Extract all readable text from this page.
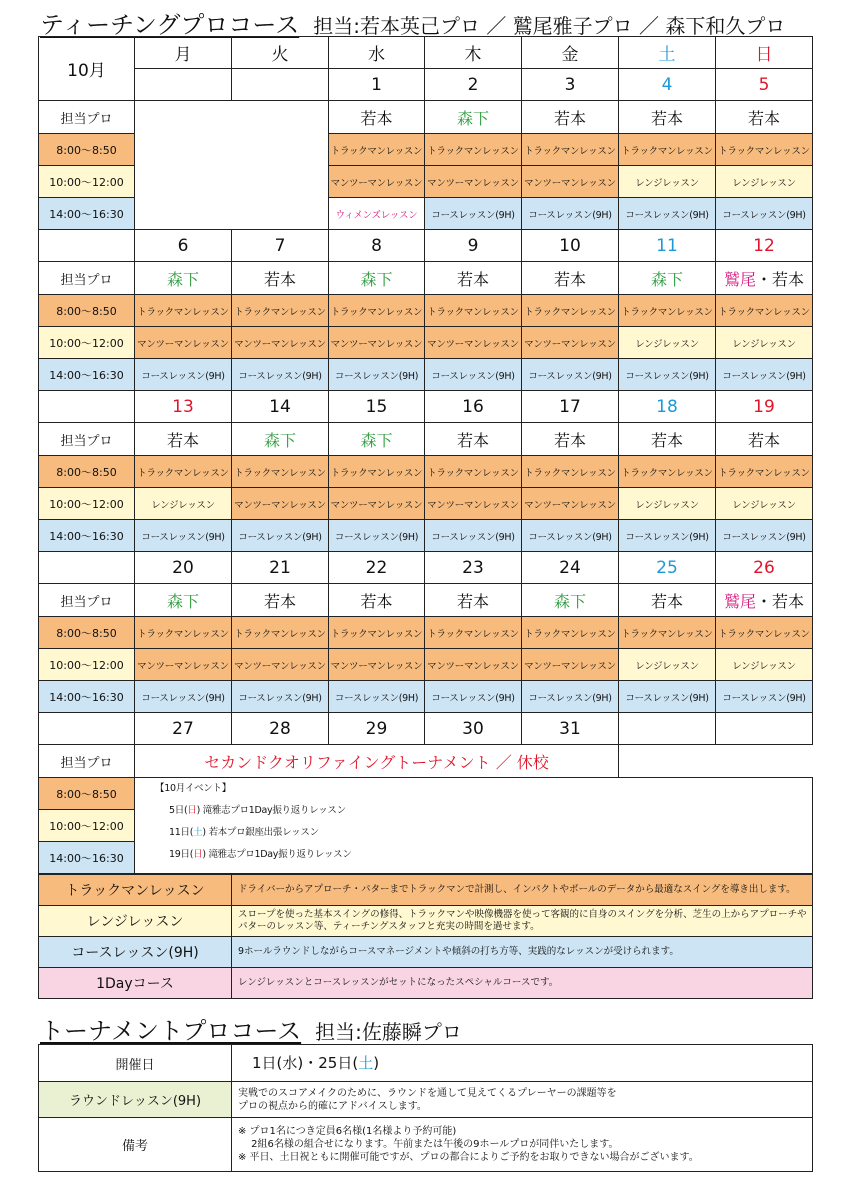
ティーチングプロコース 担当:若本英己プロ ／ 鷲尾雅子プロ ／ 森下和久プロ
10月	月	火	水	木	金	土	日
			1	2	3	4	5
担当プロ			若本	森下	若本	若本	若本
8:00～8:50			トラックマンレッスン	トラックマンレッスン	トラックマンレッスン	トラックマンレッスン	トラックマンレッスン
10:00～12:00			マンツーマンレッスン	マンツーマンレッスン	マンツーマンレッスン	レンジレッスン	レンジレッスン
14:00～16:30			ウィメンズレッスン	コースレッスン(9H)	コースレッスン(9H)	コースレッスン(9H)	コースレッスン(9H)
	6	7	8	9	10	11	12
担当プロ	森下	若本	森下	若本	若本	森下	鷲尾・若本
8:00～8:50	トラックマンレッスン	トラックマンレッスン	トラックマンレッスン	トラックマンレッスン	トラックマンレッスン	トラックマンレッスン	トラックマンレッスン
10:00～12:00	マンツーマンレッスン	マンツーマンレッスン	マンツーマンレッスン	マンツーマンレッスン	マンツーマンレッスン	レンジレッスン	レンジレッスン
14:00～16:30	コースレッスン(9H)	コースレッスン(9H)	コースレッスン(9H)	コースレッスン(9H)	コースレッスン(9H)	コースレッスン(9H)	コースレッスン(9H)
	13	14	15	16	17	18	19
担当プロ	若本	森下	森下	若本	若本	若本	若本
8:00～8:50	トラックマンレッスン	トラックマンレッスン	トラックマンレッスン	トラックマンレッスン	トラックマンレッスン	トラックマンレッスン	トラックマンレッスン
10:00～12:00	レンジレッスン	マンツーマンレッスン	マンツーマンレッスン	マンツーマンレッスン	マンツーマンレッスン	レンジレッスン	レンジレッスン
14:00～16:30	コースレッスン(9H)	コースレッスン(9H)	コースレッスン(9H)	コースレッスン(9H)	コースレッスン(9H)	コースレッスン(9H)	コースレッスン(9H)
	20	21	22	23	24	25	26
担当プロ	森下	若本	若本	若本	森下	若本	鷲尾・若本
8:00～8:50	トラックマンレッスン	トラックマンレッスン	トラックマンレッスン	トラックマンレッスン	トラックマンレッスン	トラックマンレッスン	トラックマンレッスン
10:00～12:00	マンツーマンレッスン	マンツーマンレッスン	マンツーマンレッスン	マンツーマンレッスン	マンツーマンレッスン	レンジレッスン	レンジレッスン
14:00～16:30	コースレッスン(9H)	コースレッスン(9H)	コースレッスン(9H)	コースレッスン(9H)	コースレッスン(9H)	コースレッスン(9H)	コースレッスン(9H)
	27	28	29	30	31		
担当プロ	セカンドクオリファイングトーナメント ／ 休校						
8:00～8:50	【10月イベント】
5日(日) 滝雅志プロ1Day振り返りレッスン
11日(土) 若本プロ銀座出張レッスン
19日(日) 滝雅志プロ1Day振り返りレッスン						

10:00～12:00							
14:00～16:30							
トラックマンレッスン	ドライバーからアプローチ・パターまでトラックマンで計測し、インパクトやボールのデータから最適なスイングを導き出します。
レンジレッスン	スロープを使った基本スイングの修得、トラックマンや映像機器を使って客観的に自身のスイングを分析、芝生の上からアプローチやパターのレッスン等、ティーチングスタッフと充実の時間を過せます。
コースレッスン(9H)	9ホールラウンドしながらコースマネージメントや傾斜の打ち方等、実践的なレッスンが受けられます。
1Dayコース	レンジレッスンとコースレッスンがセットになったスペシャルコースです。
トーナメントプロコース 担当:佐藤瞬プロ
開催日	1日(水)・25日(土)
ラウンドレッスン(9H)	実戦でのスコアメイクのために、ラウンドを通して見えてくるプレーヤーの課題等を
プロの視点から的確にアドバイスします。

備考	※ プロ1名につき定員6名様(1名様より予約可能)
　 2組6名様の組合せになります。午前または午後の9ホールプロが同伴いたします。
※ 平日、土日祝ともに開催可能ですが、プロの都合によりご予約をお取りできない場合がございます。
